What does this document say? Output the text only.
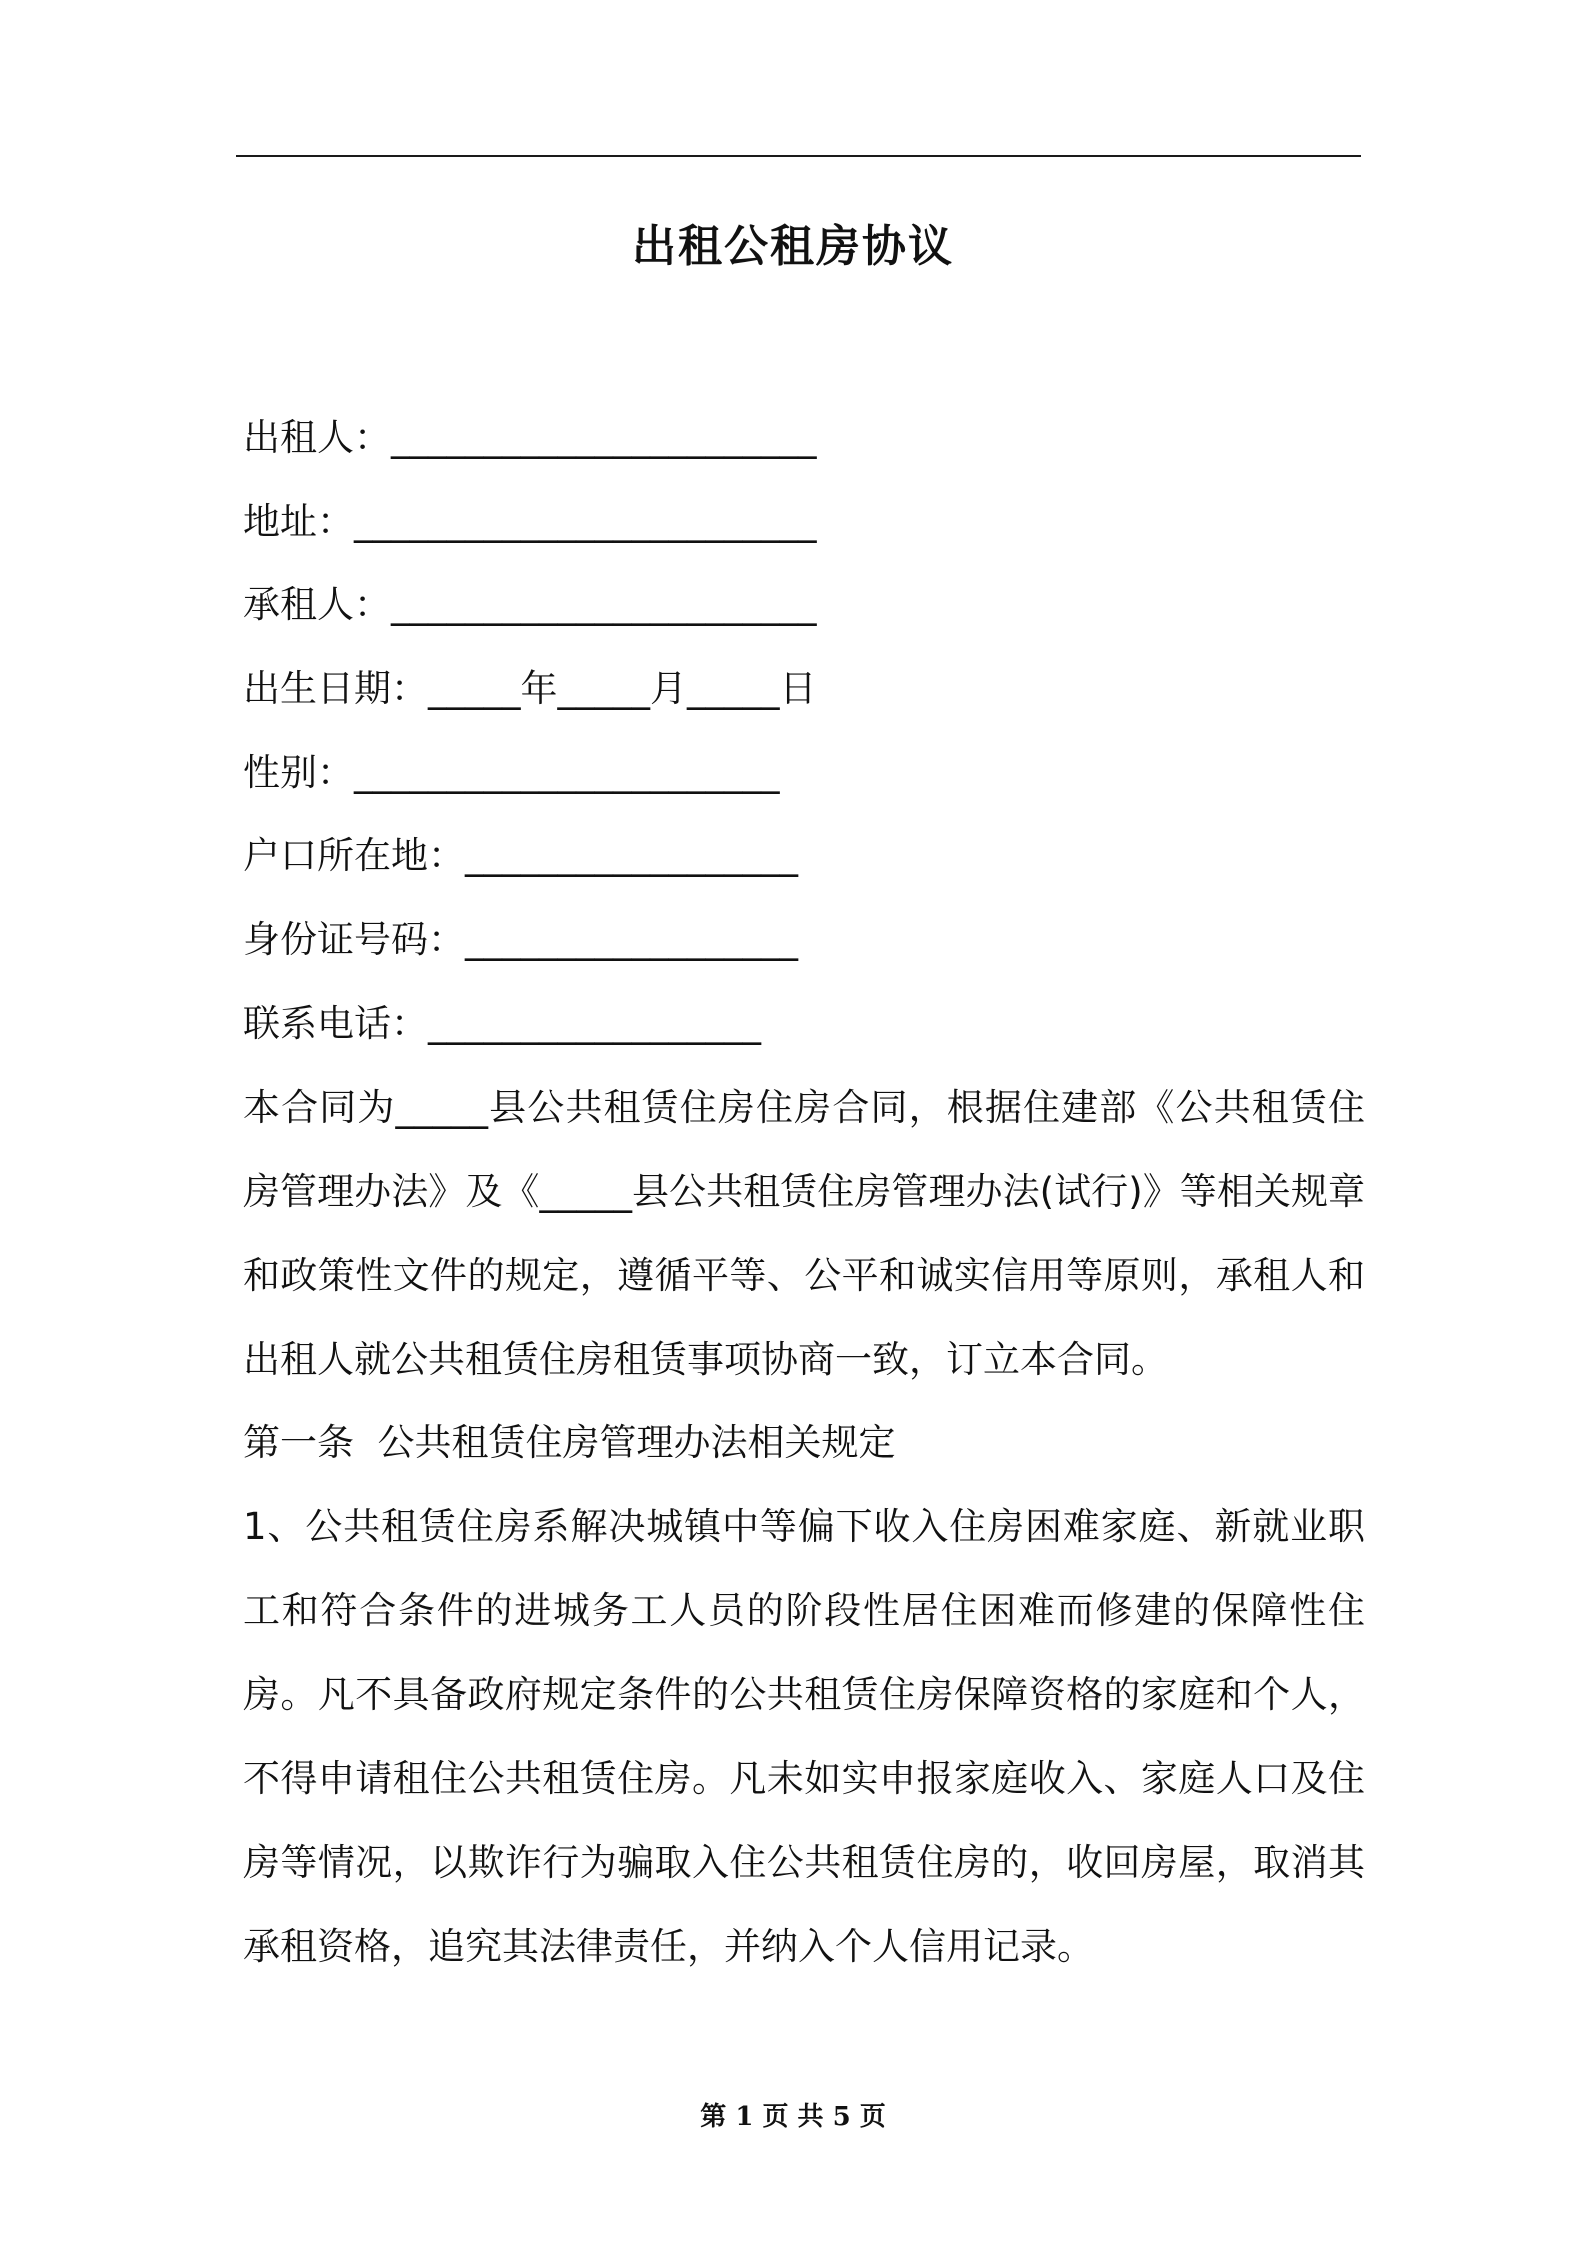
出租公租房协议
出租人：_______________________
地址：_________________________
承租人：_______________________
出生日期：_____年_____月_____日
性别：_______________________
户口所在地：__________________
身份证号码：__________________
联系电话：__________________
本合同为_____县公共租赁住房住房合同，根据住建部《公共租赁住房管理办法》及《_____县公共租赁住房管理办法(试行)》等相关规章和政策性文件的规定，遵循平等、公平和诚实信用等原则，承租人和出租人就公共租赁住房租赁事项协商一致，订立本合同。
第一条  公共租赁住房管理办法相关规定
1、公共租赁住房系解决城镇中等偏下收入住房困难家庭、新就业职工和符合条件的进城务工人员的阶段性居住困难而修建的保障性住房。凡不具备政府规定条件的公共租赁住房保障资格的家庭和个人，不得申请租住公共租赁住房。凡未如实申报家庭收入、家庭人口及住房等情况，以欺诈行为骗取入住公共租赁住房的，收回房屋，取消其承租资格，追究其法律责任，并纳入个人信用记录。
第 1 页 共 5 页
